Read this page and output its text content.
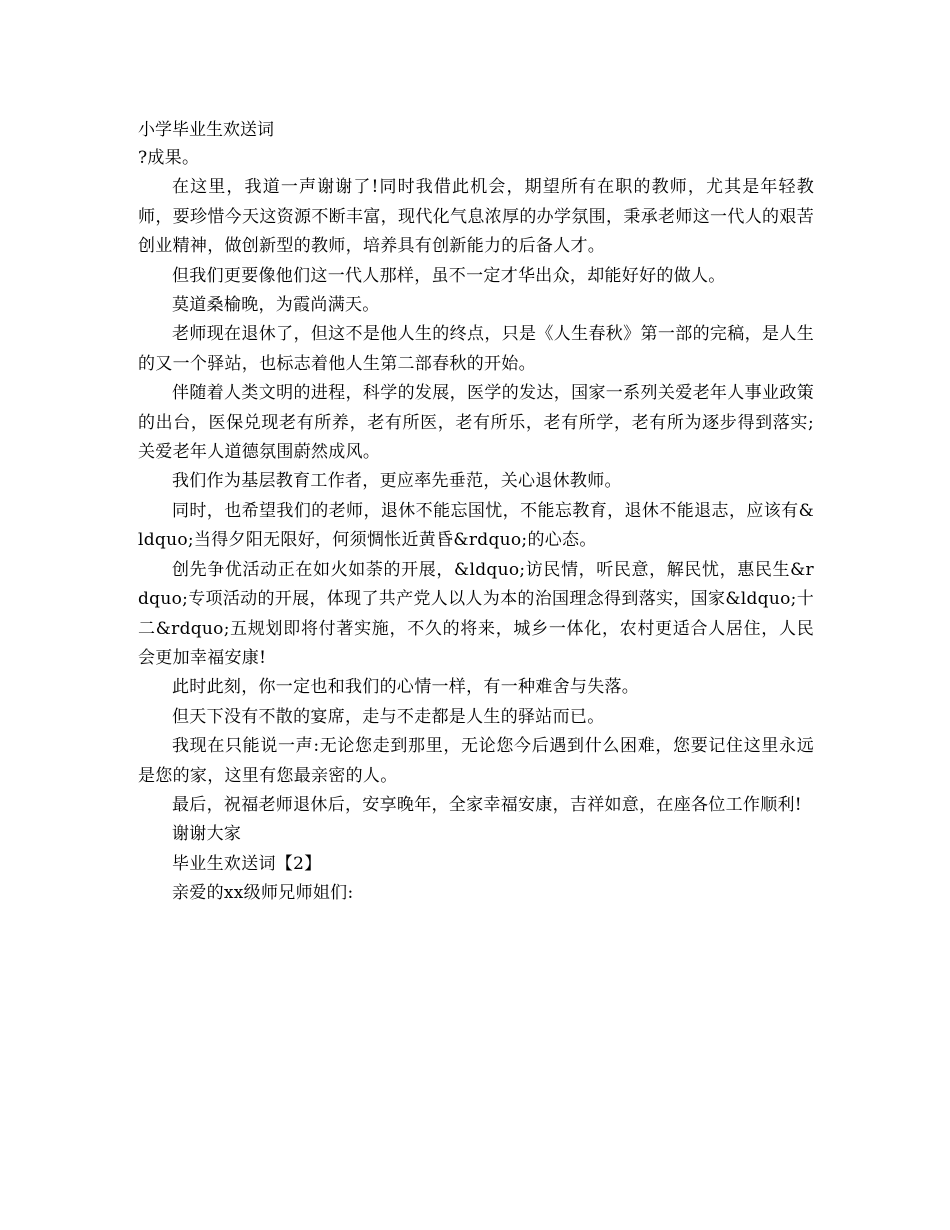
小学毕业生欢送词

?成果。

在这里，我道一声谢谢了!同时我借此机会，期望所有在职的教师，尤其是年轻教师，要珍惜今天这资源不断丰富，现代化气息浓厚的办学氛围，秉承老师这一代人的艰苦创业精神，做创新型的教师，培养具有创新能力的后备人才。

但我们更要像他们这一代人那样，虽不一定才华出众，却能好好的做人。

莫道桑榆晚，为霞尚满天。

老师现在退休了，但这不是他人生的终点，只是《人生春秋》第一部的完稿，是人生的又一个驿站，也标志着他人生第二部春秋的开始。

伴随着人类文明的进程，科学的发展，医学的发达，国家一系列关爱老年人事业政策的出台，医保兑现老有所养，老有所医，老有所乐，老有所学，老有所为逐步得到落实;关爱老年人道德氛围蔚然成风。

我们作为基层教育工作者，更应率先垂范，关心退休教师。

同时，也希望我们的老师，退休不能忘国忧，不能忘教育，退休不能退志，应该有&ldquo;当得夕阳无限好，何须惆怅近黄昏&rdquo;的心态。

创先争优活动正在如火如荼的开展，&ldquo;访民情，听民意，解民忧，惠民生&rdquo;专项活动的开展，体现了共产党人以人为本的治国理念得到落实，国家&ldquo;十二&rdquo;五规划即将付著实施，不久的将来，城乡一体化，农村更适合人居住，人民会更加幸福安康!

此时此刻，你一定也和我们的心情一样，有一种难舍与失落。

但天下没有不散的宴席，走与不走都是人生的驿站而已。

我现在只能说一声:无论您走到那里，无论您今后遇到什么困难，您要记住这里永远是您的家，这里有您最亲密的人。

最后，祝福老师退休后，安享晚年，全家幸福安康，吉祥如意，在座各位工作顺利!

谢谢大家

毕业生欢送词【2】

亲爱的xx级师兄师姐们:
